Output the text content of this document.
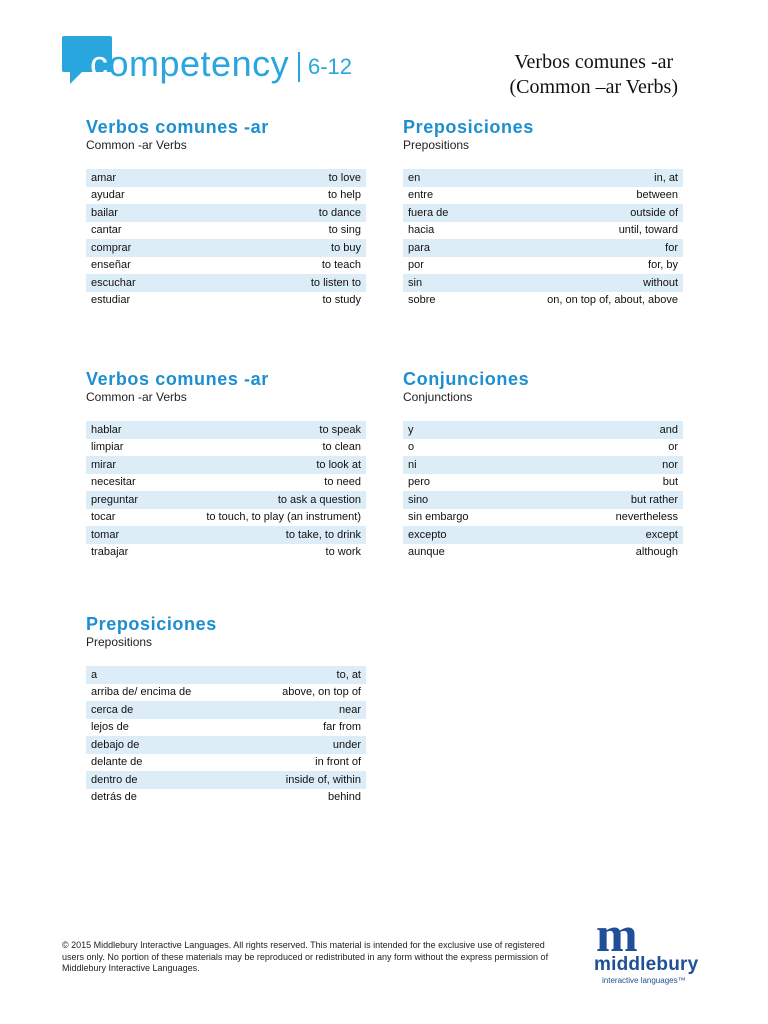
competency 6-12	Verbos comunes -ar
(Common –ar Verbs)
Verbos comunes -ar
Common -ar Verbs
amar	to love
ayudar	to help
bailar	to dance
cantar	to sing
comprar	to buy
enseñar	to teach
escuchar	to listen to
estudiar	to study
Preposiciones
Prepositions
en	in, at
entre	between
fuera de	outside of
hacia	until, toward
para	for
por	for, by
sin	without
sobre	on, on top of, about, above
Verbos comunes -ar
Common -ar Verbs
hablar	to speak
limpiar	to clean
mirar	to look at
necesitar	to need
preguntar	to ask a question
tocar	to touch, to play (an instrument)
tomar	to take, to drink
trabajar	to work
Conjunciones
Conjunctions
y	and
o	or
ni	nor
pero	but
sino	but rather
sin embargo	nevertheless
excepto	except
aunque	although
Preposiciones
Prepositions
a	to, at
arriba de/ encima de	above, on top of
cerca de	near
lejos de	far from
debajo de	under
delante de	in front of
dentro de	inside of, within
detrás de	behind
© 2015 Middlebury Interactive Languages. All rights reserved. This material is intended for the exclusive use of registered users only. No portion of these materials may be reproduced or redistributed in any form without the express permission of Middlebury Interactive Languages.
m
middlebury
interactive languages™
